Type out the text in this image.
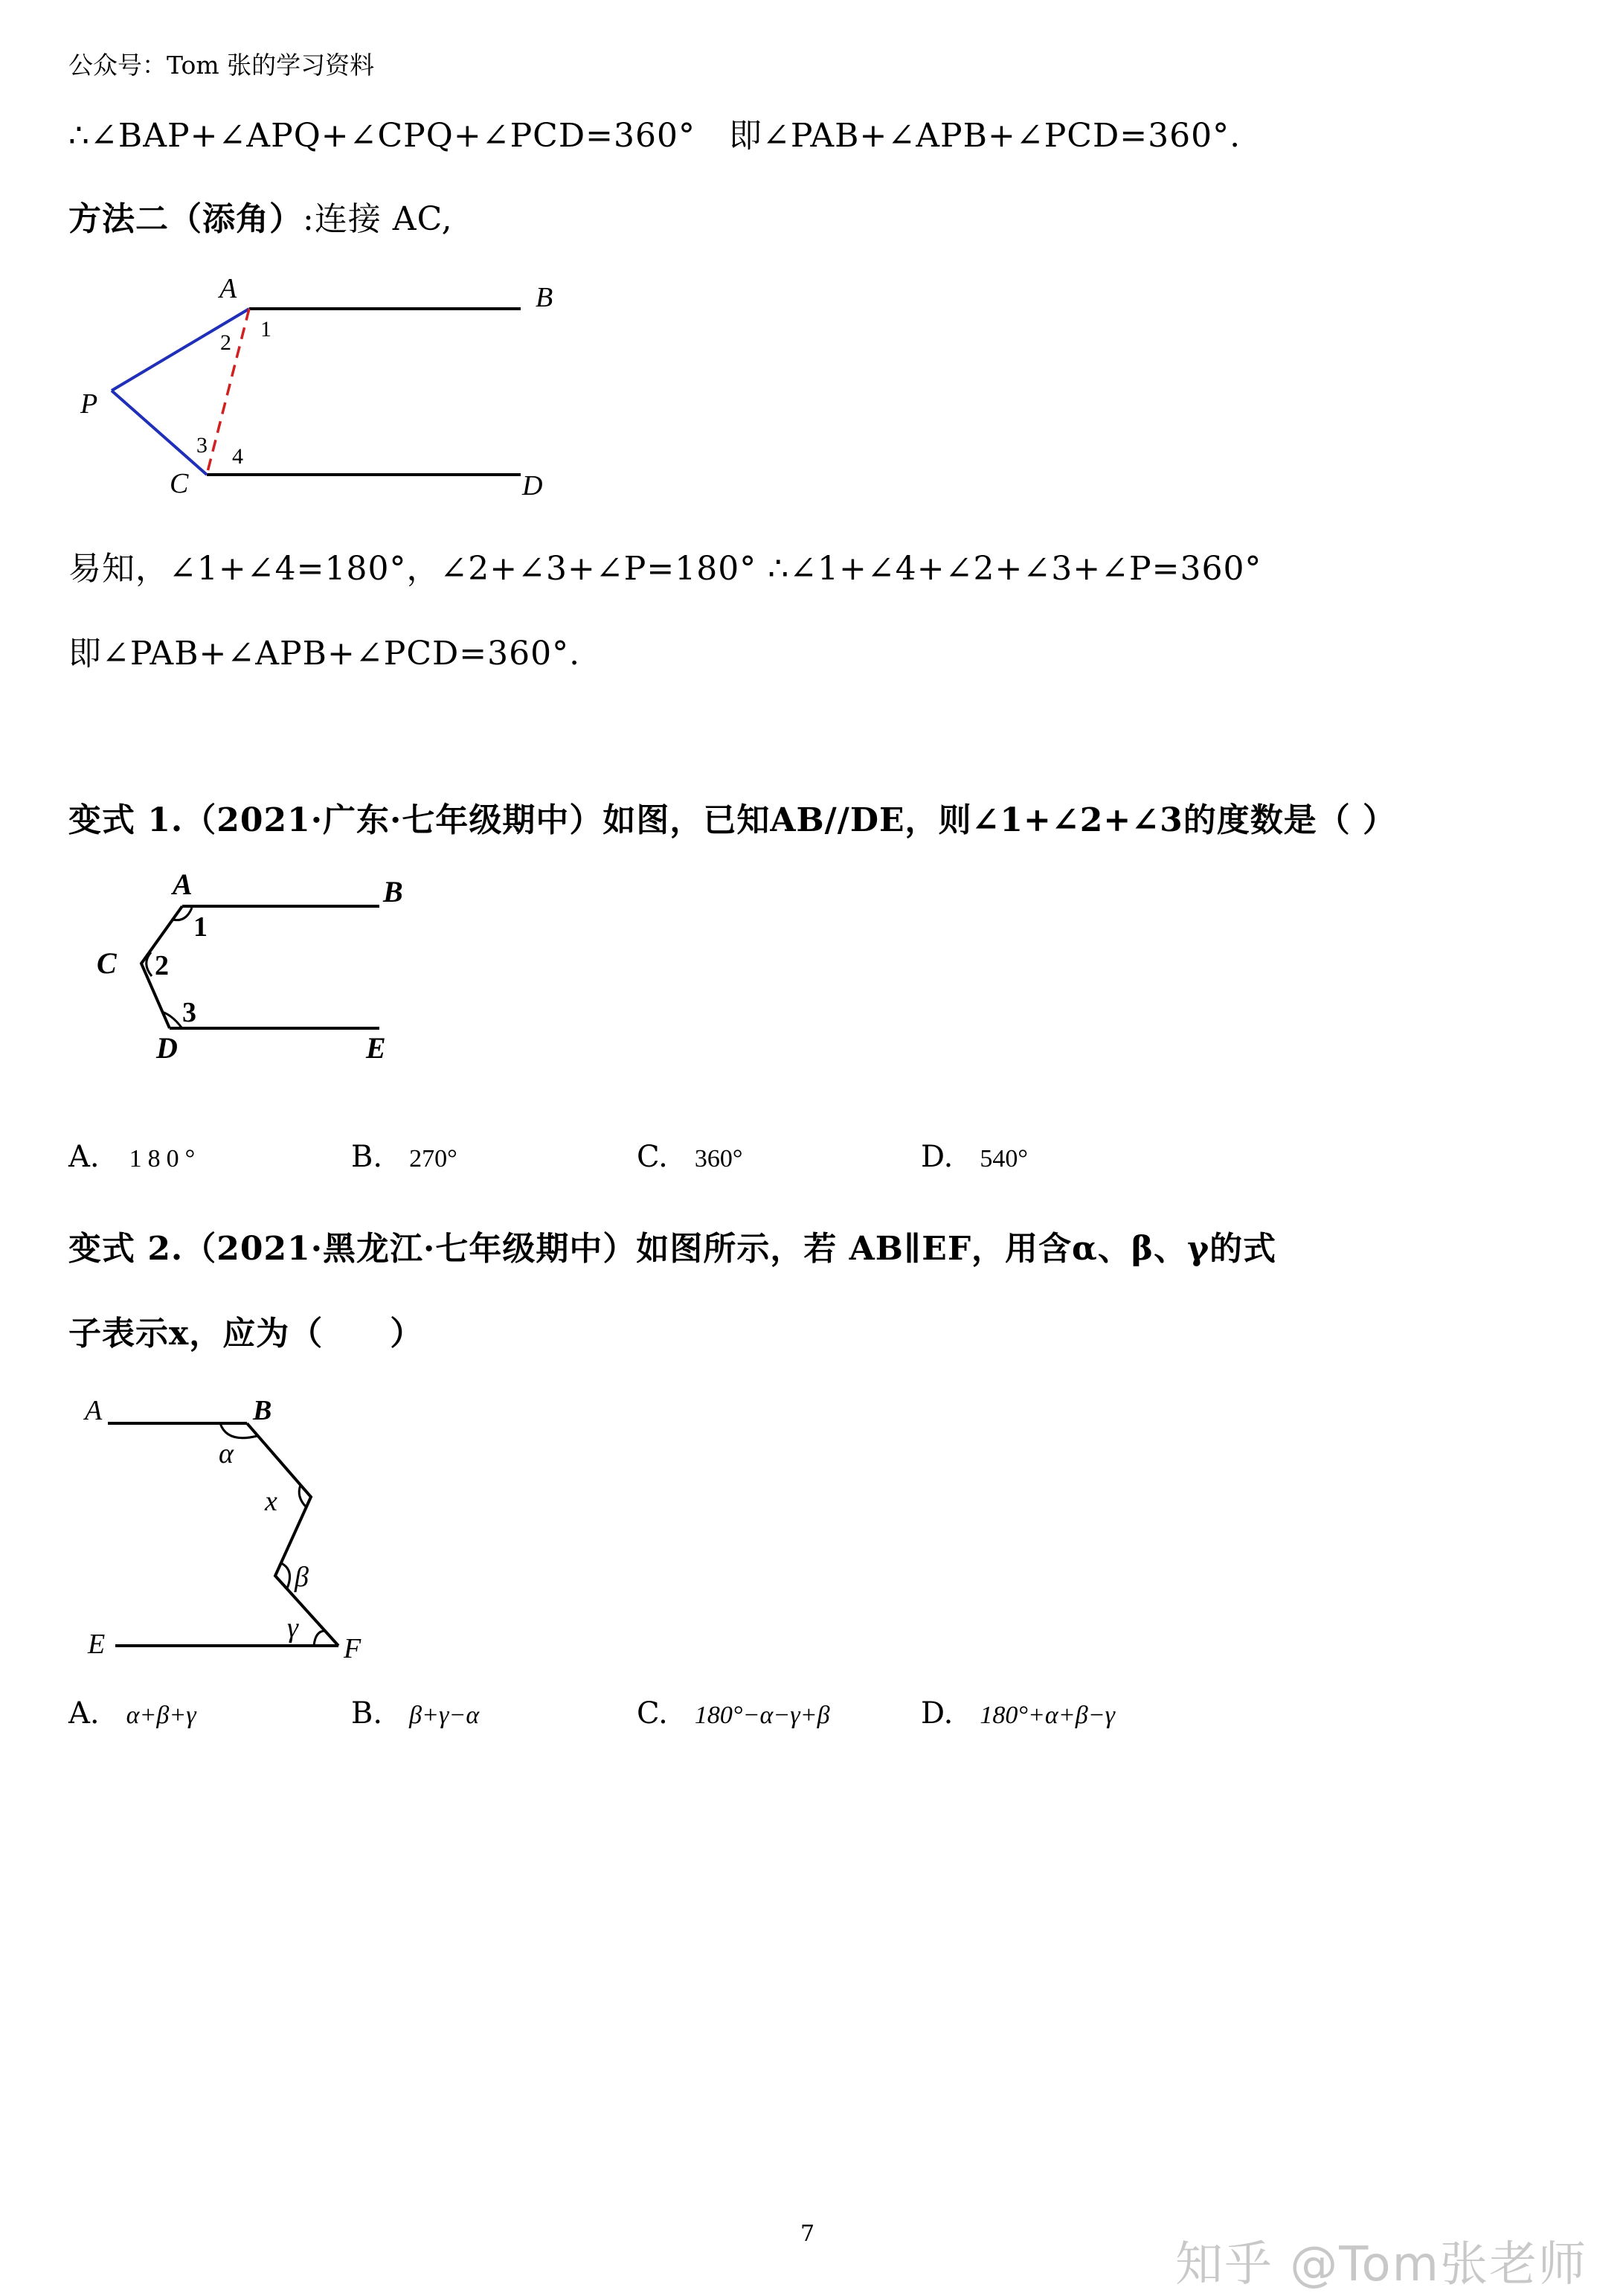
公众号：Tom 张的学习资料
∴∠BAP+∠APQ+∠CPQ+∠PCD=360°　即∠PAB+∠APB+∠PCD=360°.
方法二（添角）:连接 AC,
A	B
P
C	D
1
2
3 4
易知，∠1+∠4=180°，∠2+∠3+∠P=180° ∴∠1+∠4+∠2+∠3+∠P=360°
即∠PAB+∠APB+∠PCD=360°.
变式 1.（2021·广东·七年级期中）如图，已知AB//DE，则∠1+∠2+∠3的度数是（ ）
A	B
C
D	E
1
2
3
A. 180°	B. 270°	C. 360°	D. 540°
变式 2.（2021·黑龙江·七年级期中）如图所示，若 AB∥EF，用含α、β、γ的式
子表示x，应为（　　）
A	B
E	F
α
x
β
γ
A. α+β+γ	B. β+γ−α	C. 180°−α−γ+β	D. 180°+α+β−γ
7
知乎 @Tom张老师
